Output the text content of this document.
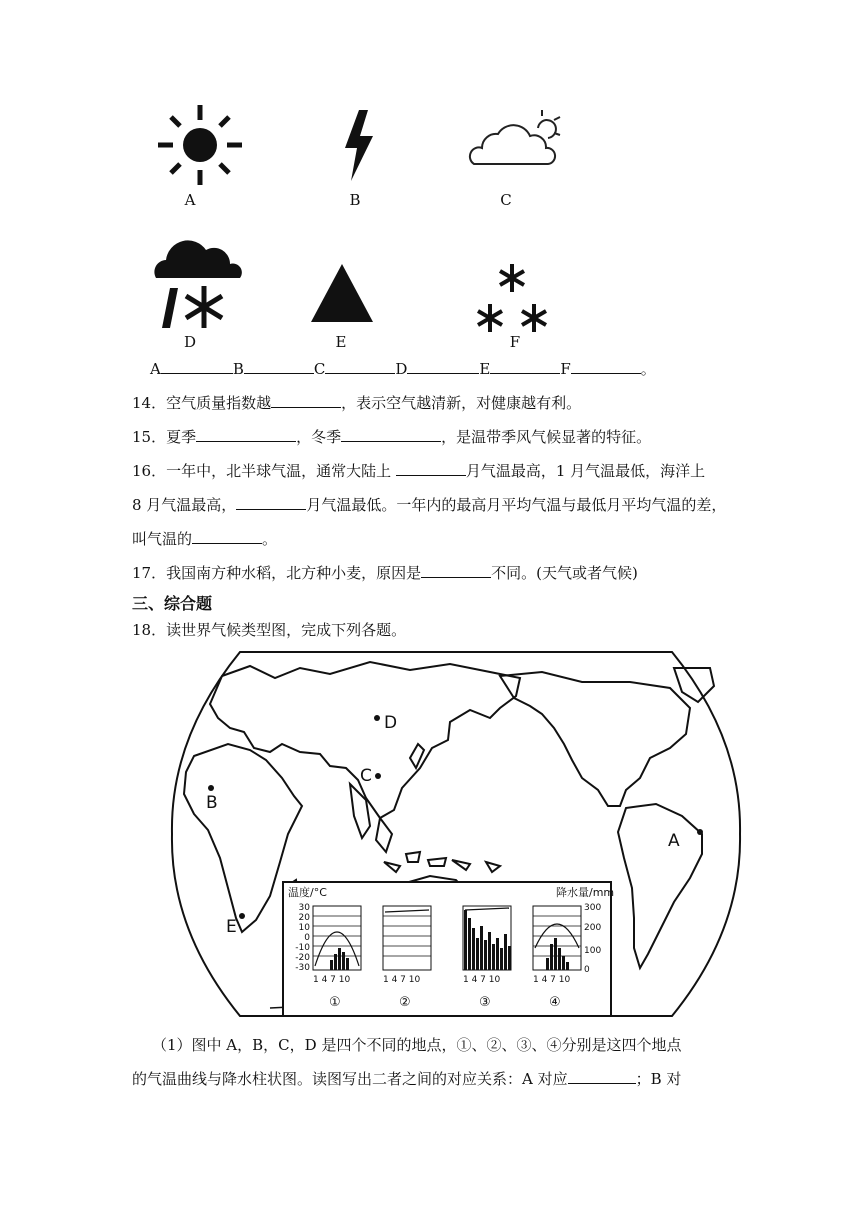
A	B	C
D	E	F
A	B	C	D	E	F	。
14．空气质量指数越	，表示空气越清新，对健康越有利。
15．夏季	，冬季	，是温带季风气候显著的特征。
16．一年中，北半球气温，通常大陆上	月气温最高，1 月气温最低，海洋上
8 月气温最高，	月气温最低。一年内的最高月平均气温与最低月平均气温的差，
叫气温的	。
17．我国南方种水稻，北方种小麦，原因是	不同。(天气或者气候)
三、综合题
18．读世界气候类型图，完成下列各题。
A
B
C
D
E
温度/°C	降水量/mm
30
20
10
0
-10
-20
-30
300
200
100
0
1 4 7 10
①
1 4 7 10
②
1 4 7 10
③
1 4 7 10
④
（1）图中 A，B，C，D 是四个不同的地点，①、②、③、④分别是这四个地点
的气温曲线与降水柱状图。读图写出二者之间的对应关系：A 对应	；B 对
